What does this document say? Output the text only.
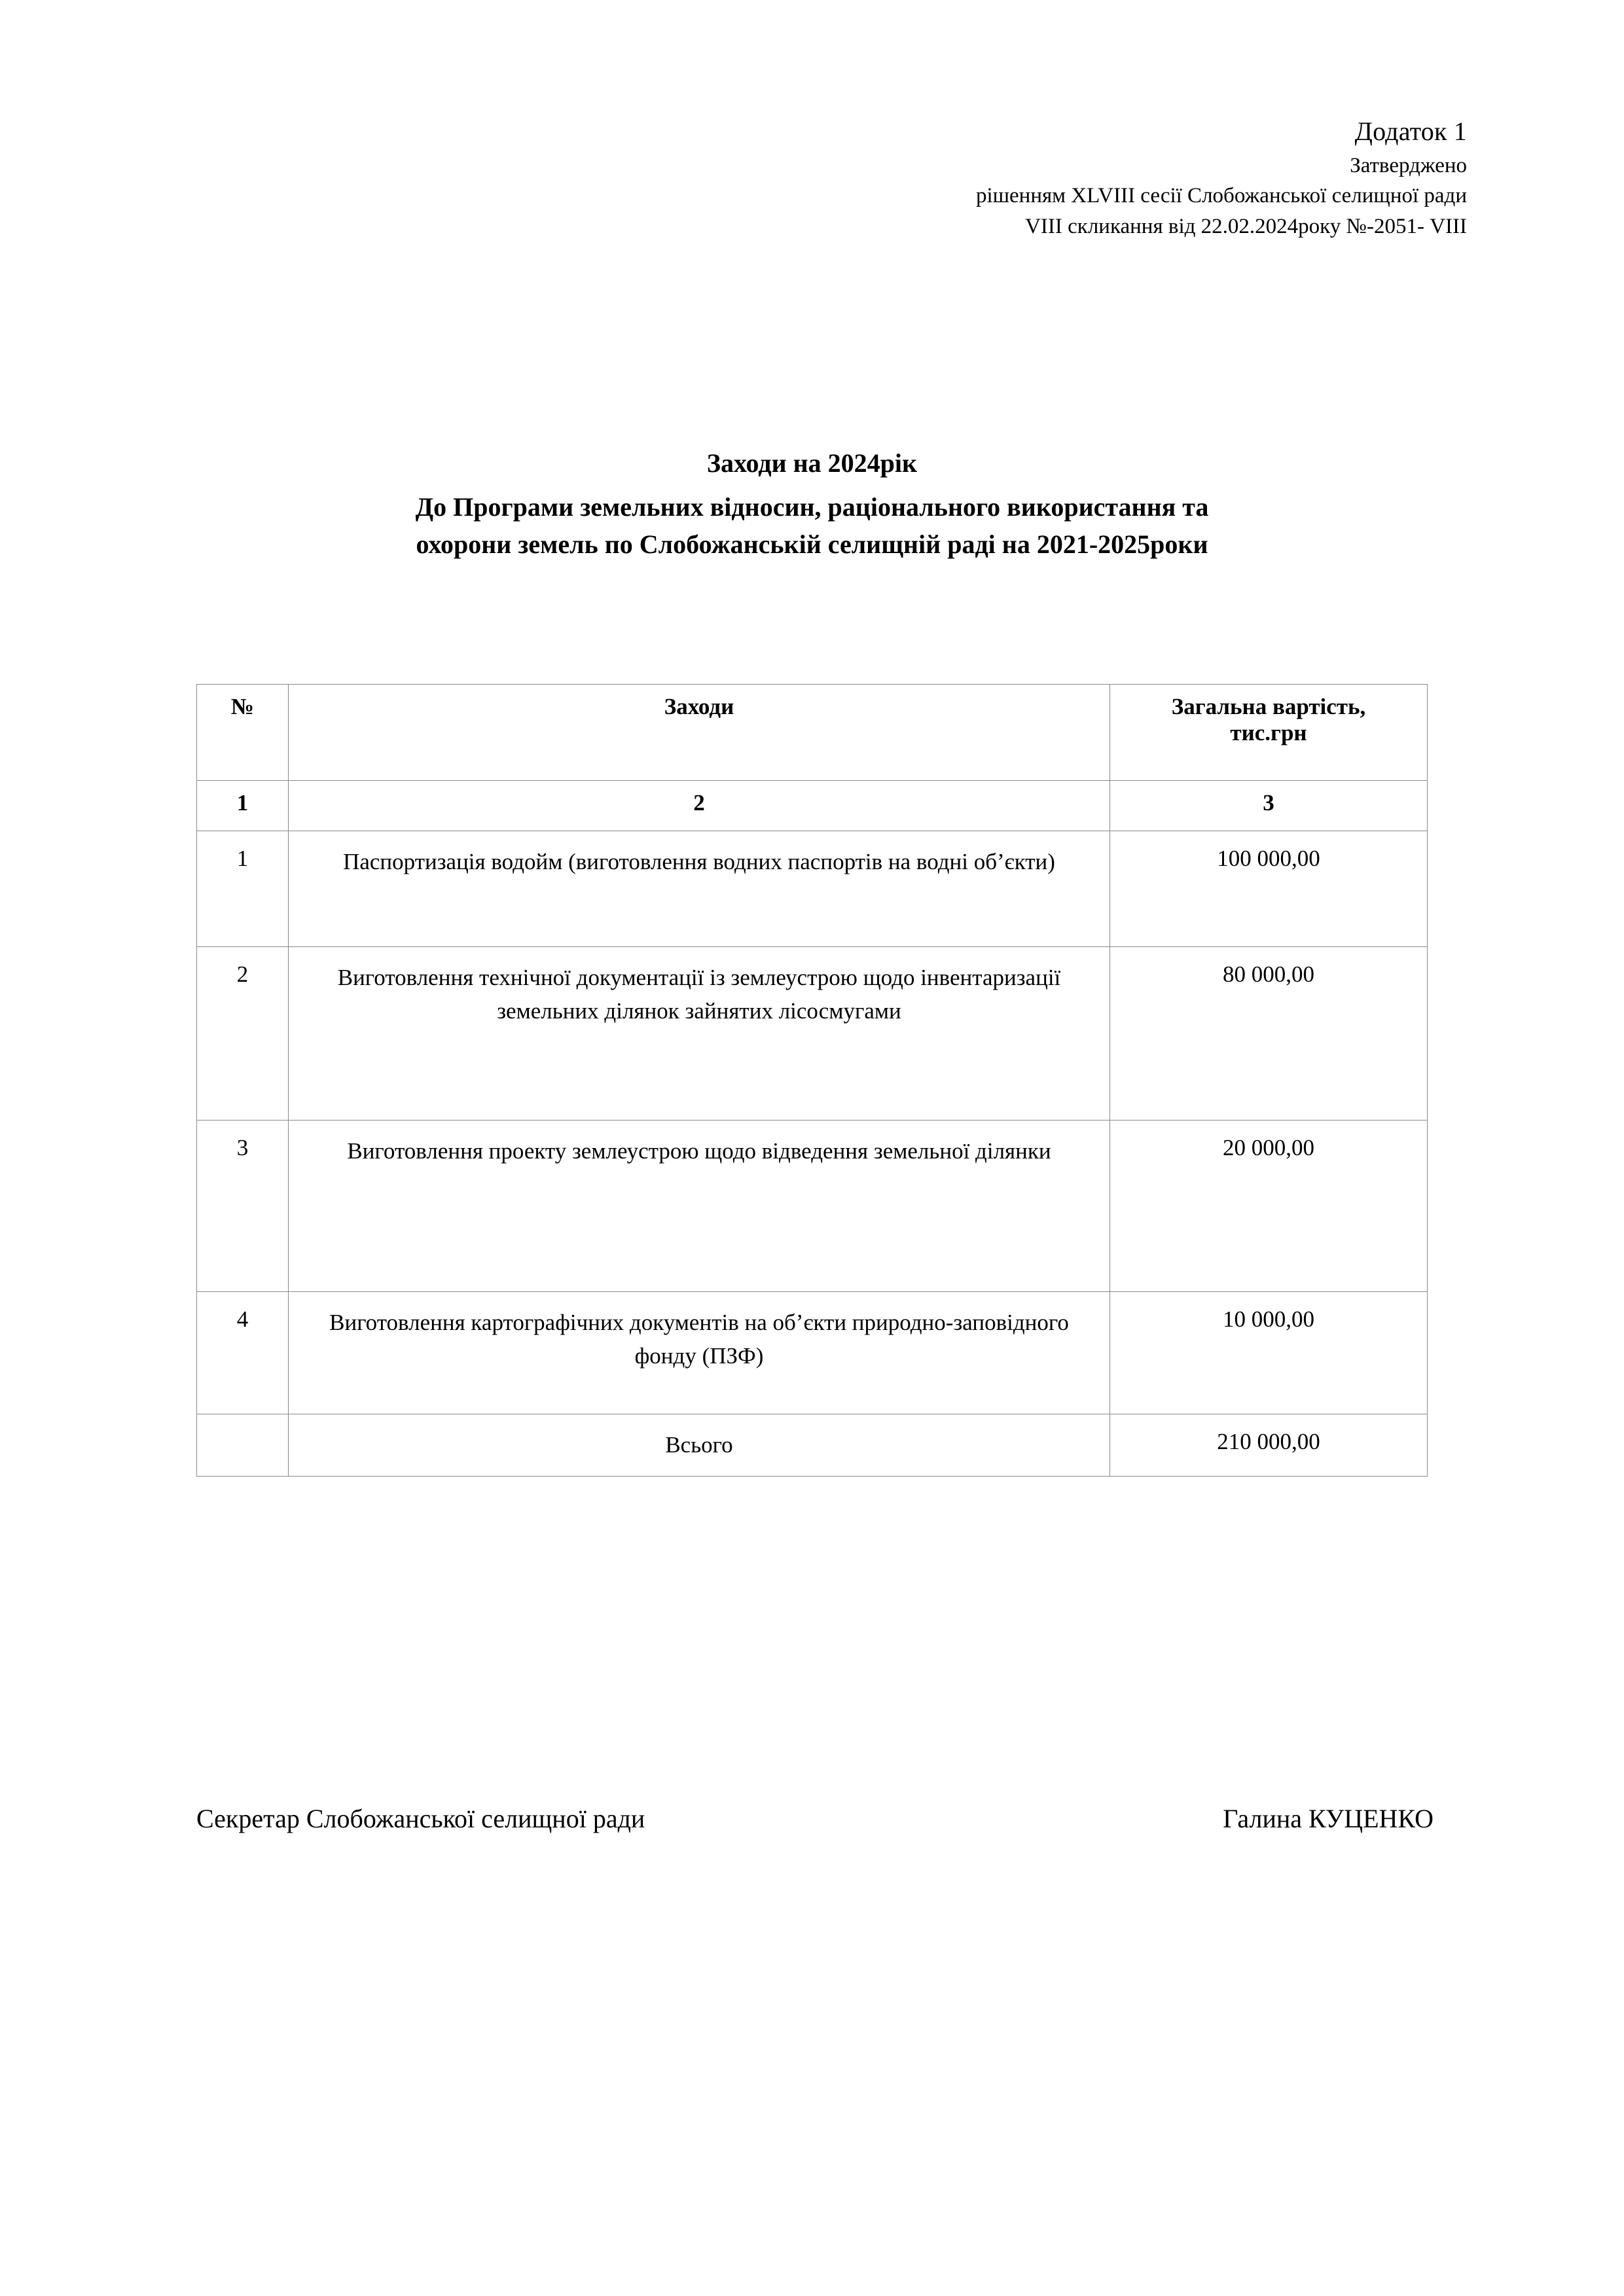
Додаток 1
Затверджено
рішенням XLVIII сесії Слобожанської селищної ради
VIII скликання від 22.02.2024року №-2051- VIII
Заходи на 2024рік
До Програми земельних відносин, раціонального використання та
охорони земель по Слобожанській селищній раді на 2021-2025роки
№	Заходи	Загальна вартість,
тис.грн

1	2	3
1	Паспортизація водойм (виготовлення водних паспортів на водні об’єкти)	100 000,00
2	Виготовлення технічної документації із землеустрою щодо інвентаризації земельних ділянок зайнятих лісосмугами	80 000,00
3	Виготовлення проекту землеустрою щодо відведення земельної ділянки	20 000,00
4	Виготовлення картографічних документів на об’єкти природно-заповідного фонду (ПЗФ)	10 000,00
	Всього	210 000,00
Секретар Слобожанської селищної ради	Галина КУЦЕНКО
